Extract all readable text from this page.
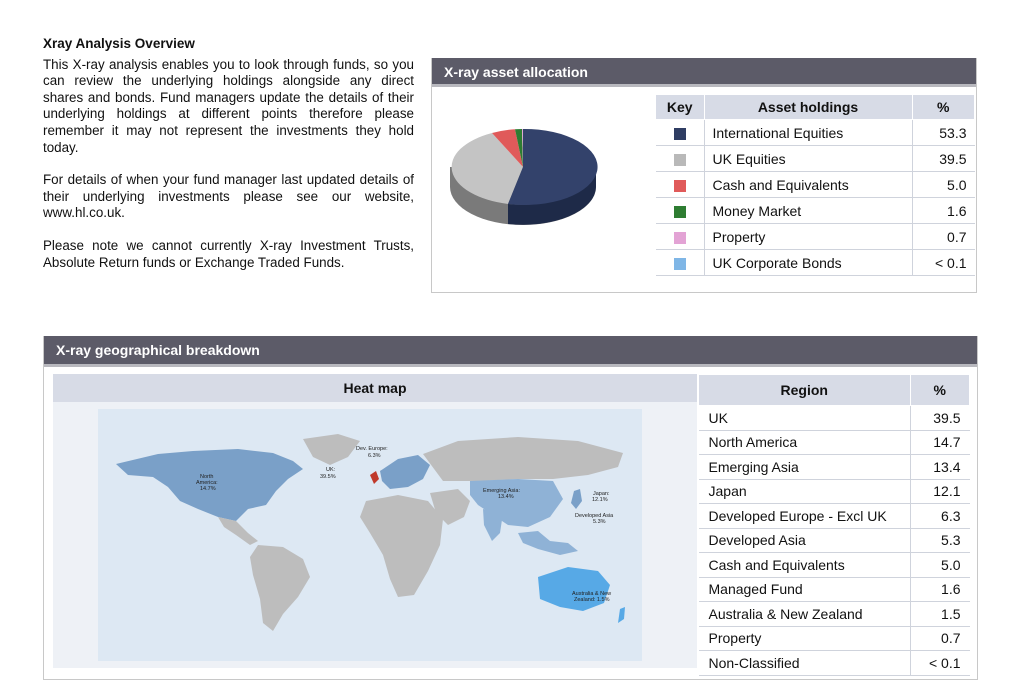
Xray Analysis Overview

This X-ray analysis enables you to look through funds, so you can review the underlying holdings alongside any direct shares and bonds. Fund managers update the details of their underlying holdings at different points therefore please remember it may not represent the investments they hold today.

For details of when your fund manager last updated details of their underlying investments please see our website, www.hl.co.uk.

Please note we cannot currently X-ray Investment Trusts, Absolute Return funds or Exchange Traded Funds.

X-ray asset allocation
Key	Asset holdings	%
	International Equities	53.3
	UK Equities	39.5
	Cash and Equivalents	5.0
	Money Market	1.6
	Property	0.7
	UK Corporate Bonds	< 0.1
X-ray geographical breakdown
Heat map
Dev. Europe:
6.3%
UK:
39.5%
North
America:
14.7%	Emerging Asia:
13.4%	Japan:
12.1%
Developed Asia
5.3%
Australia & New
Zealand: 1.5%
Region	%
UK	39.5
North America	14.7
Emerging Asia	13.4
Japan	12.1
Developed Europe - Excl UK	6.3
Developed Asia	5.3
Cash and Equivalents	5.0
Managed Fund	1.6
Australia & New Zealand	1.5
Property	0.7
Non-Classified	< 0.1
